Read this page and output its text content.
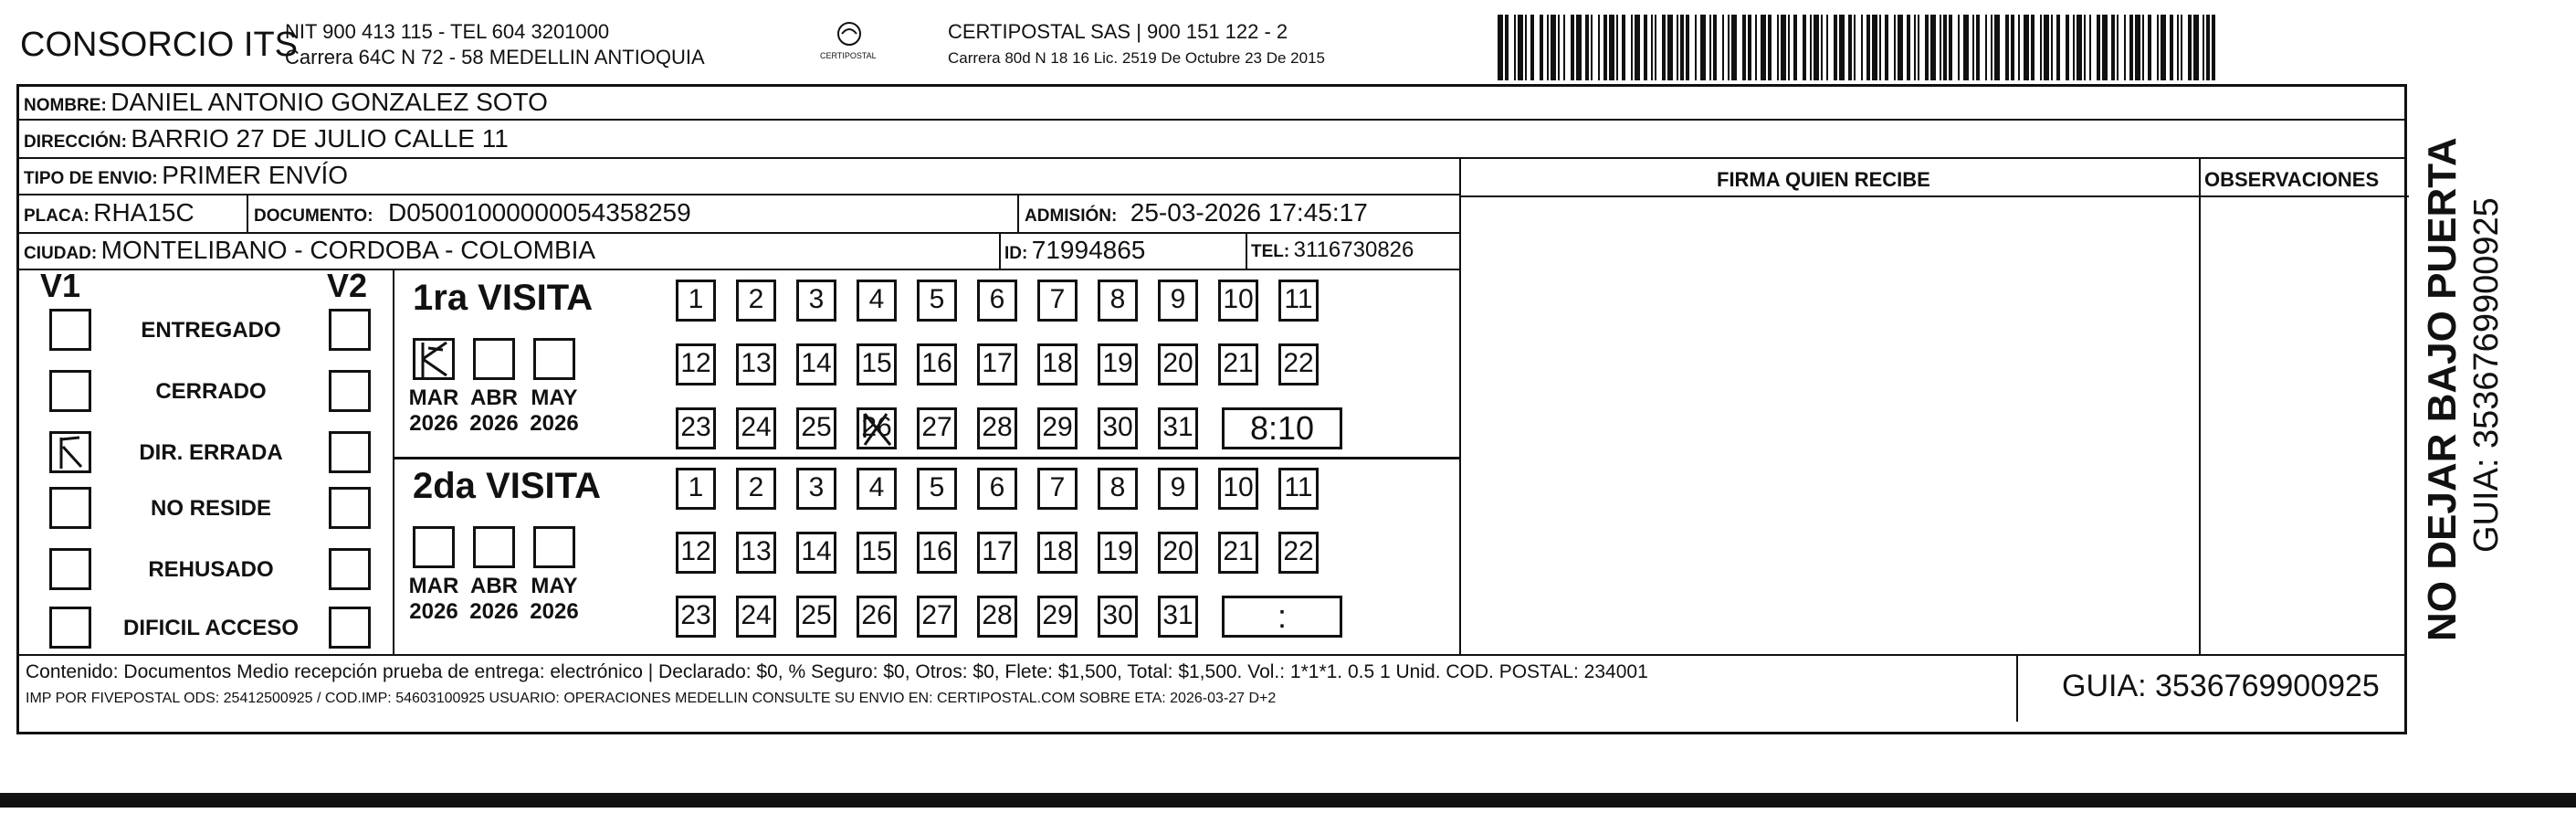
CONSORCIO ITS
NIT 900 413 115 - TEL 604 3201000
Carrera 64C N 72 - 58 MEDELLIN ANTIOQUIA	CERTIPOSTAL
CERTIPOSTAL SAS | 900 151 122 - 2
Carrera 80d N 18 16 Lic. 2519 De Octubre 23 De 2015
NOMBRE: DANIEL ANTONIO GONZALEZ SOTO
DIRECCIÓN: BARRIO 27 DE JULIO CALLE 11
TIPO DE ENVIO: PRIMER ENVÍO
PLACA: RHA15C	DOCUMENTO: D05001000000054358259	ADMISIÓN: 25-03-2026 17:45:17
CIUDAD: MONTELIBANO - CORDOBA - COLOMBIA	ID: 71994865	TEL: 3116730826
FIRMA QUIEN RECIBE	OBSERVACIONES
V1	V2
ENTREGADO
CERRADO
DIR. ERRADA
NO RESIDE
REHUSADO
DIFICIL ACCESO
1ra VISITA
MAR
2026
ABR
2026
MAY
2026
1	2	3	4	5	6	7	8	9	10 11
12 13 14 15 16 17 18 19 20 21 22
23 24 25 26 27 28 29 30 31	8:10
2da VISITA
MAR
2026
ABR
2026
MAY
2026
1	2	3	4	5	6	7	8	9	10 11
12 13 14 15 16 17 18 19 20 21 22
23 24 25 26 27 28 29 30 31	:
Contenido: Documentos Medio recepción prueba de entrega: electrónico | Declarado: $0, % Seguro: $0, Otros: $0, Flete: $1,500, Total: $1,500. Vol.: 1*1*1. 0.5 1 Unid. COD. POSTAL: 234001
IMP POR FIVEPOSTAL ODS: 25412500925 / COD.IMP: 54603100925 USUARIO: OPERACIONES MEDELLIN CONSULTE SU ENVIO EN: CERTIPOSTAL.COM SOBRE ETA: 2026-03-27 D+2	GUIA: 3536769900925
NO DEJAR BAJO PUERTA GUIA: 3536769900925
